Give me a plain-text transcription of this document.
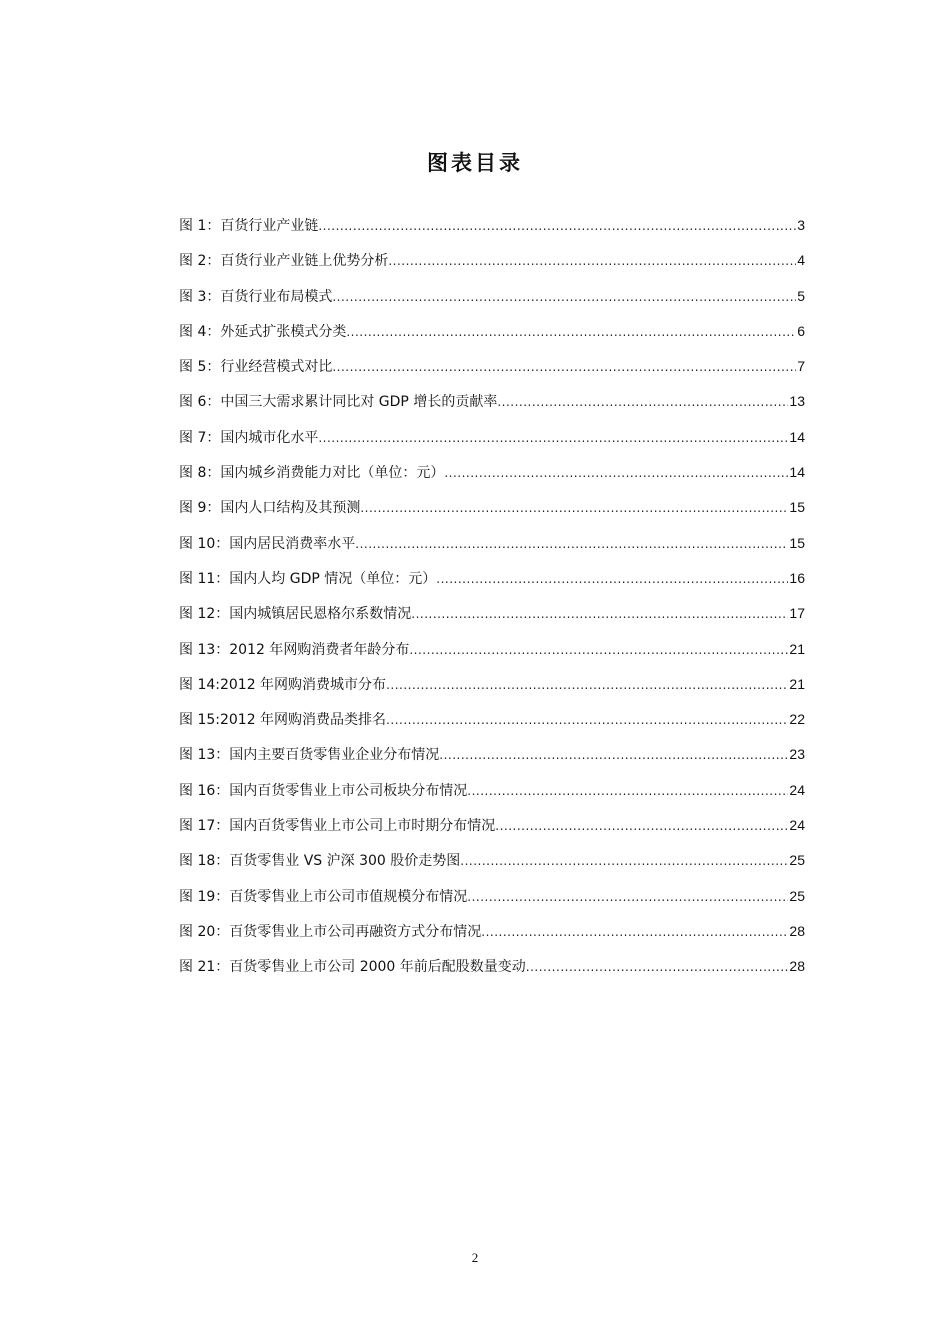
图表目录
图 1：百货行业产业链 .....	3
图 2：百货行业产业链上优势分析 .....	4
图 3：百货行业布局模式 .....	5
图 4：外延式扩张模式分类 .....	6
图 5：行业经营模式对比 .....	7
图 6：中国三大需求累计同比对 GDP 增长的贡献率 .....	13
图 7：国内城市化水平 .....	14
图 8：国内城乡消费能力对比（单位：元） .....	14
图 9：国内人口结构及其预测 .....	15
图 10：国内居民消费率水平 .....	15
图 11：国内人均 GDP 情况（单位：元） .....	16
图 12：国内城镇居民恩格尔系数情况 .....	17
图 13：2012 年网购消费者年龄分布 .....	21
图 14:2012 年网购消费城市分布 .....	21
图 15:2012 年网购消费品类排名 .....	22
图 13：国内主要百货零售业企业分布情况 .....	23
图 16：国内百货零售业上市公司板块分布情况 .....	24
图 17：国内百货零售业上市公司上市时期分布情况 .....	24
图 18：百货零售业 VS 沪深 300 股价走势图 .....	25
图 19：百货零售业上市公司市值规模分布情况 .....	25
图 20：百货零售业上市公司再融资方式分布情况 .....	28
图 21：百货零售业上市公司 2000 年前后配股数量变动 .....	28
2
